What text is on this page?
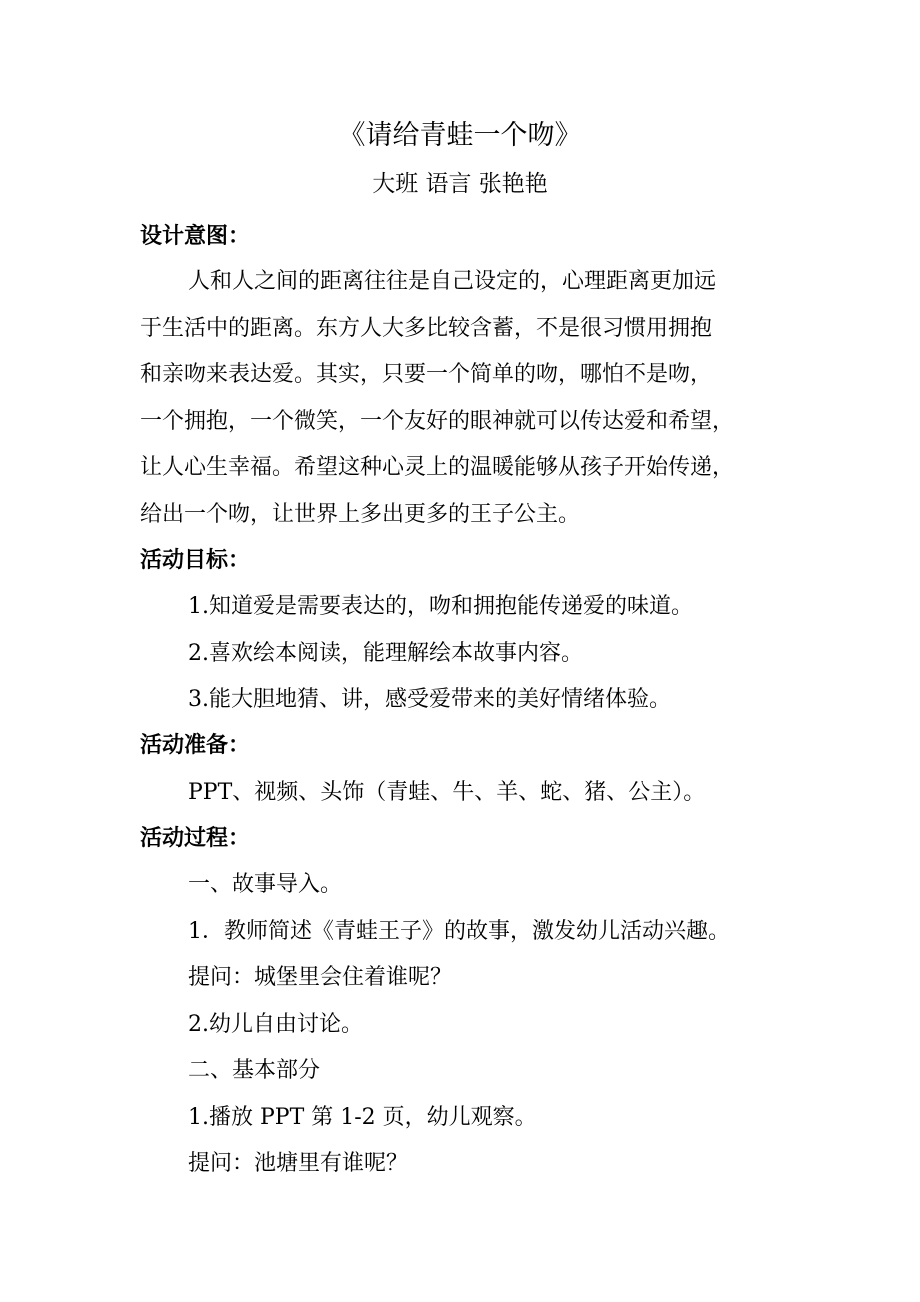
《请给青蛙一个吻》
大班 语言 张艳艳
设计意图：
人和人之间的距离往往是自己设定的，心理距离更加远
于生活中的距离。东方人大多比较含蓄，不是很习惯用拥抱
和亲吻来表达爱。其实，只要一个简单的吻，哪怕不是吻，
一个拥抱，一个微笑，一个友好的眼神就可以传达爱和希望，
让人心生幸福。希望这种心灵上的温暖能够从孩子开始传递，
给出一个吻，让世界上多出更多的王子公主。
活动目标：
1.知道爱是需要表达的，吻和拥抱能传递爱的味道。
2.喜欢绘本阅读，能理解绘本故事内容。
3.能大胆地猜、讲，感受爱带来的美好情绪体验。
活动准备：
PPT、视频、头饰（青蛙、牛、羊、蛇、猪、公主）。
活动过程：
一、故事导入。
1．教师简述《青蛙王子》的故事，激发幼儿活动兴趣。
提问：城堡里会住着谁呢？
2.幼儿自由讨论。
二、基本部分
1.播放 PPT 第 1-2 页，幼儿观察。
提问：池塘里有谁呢？
